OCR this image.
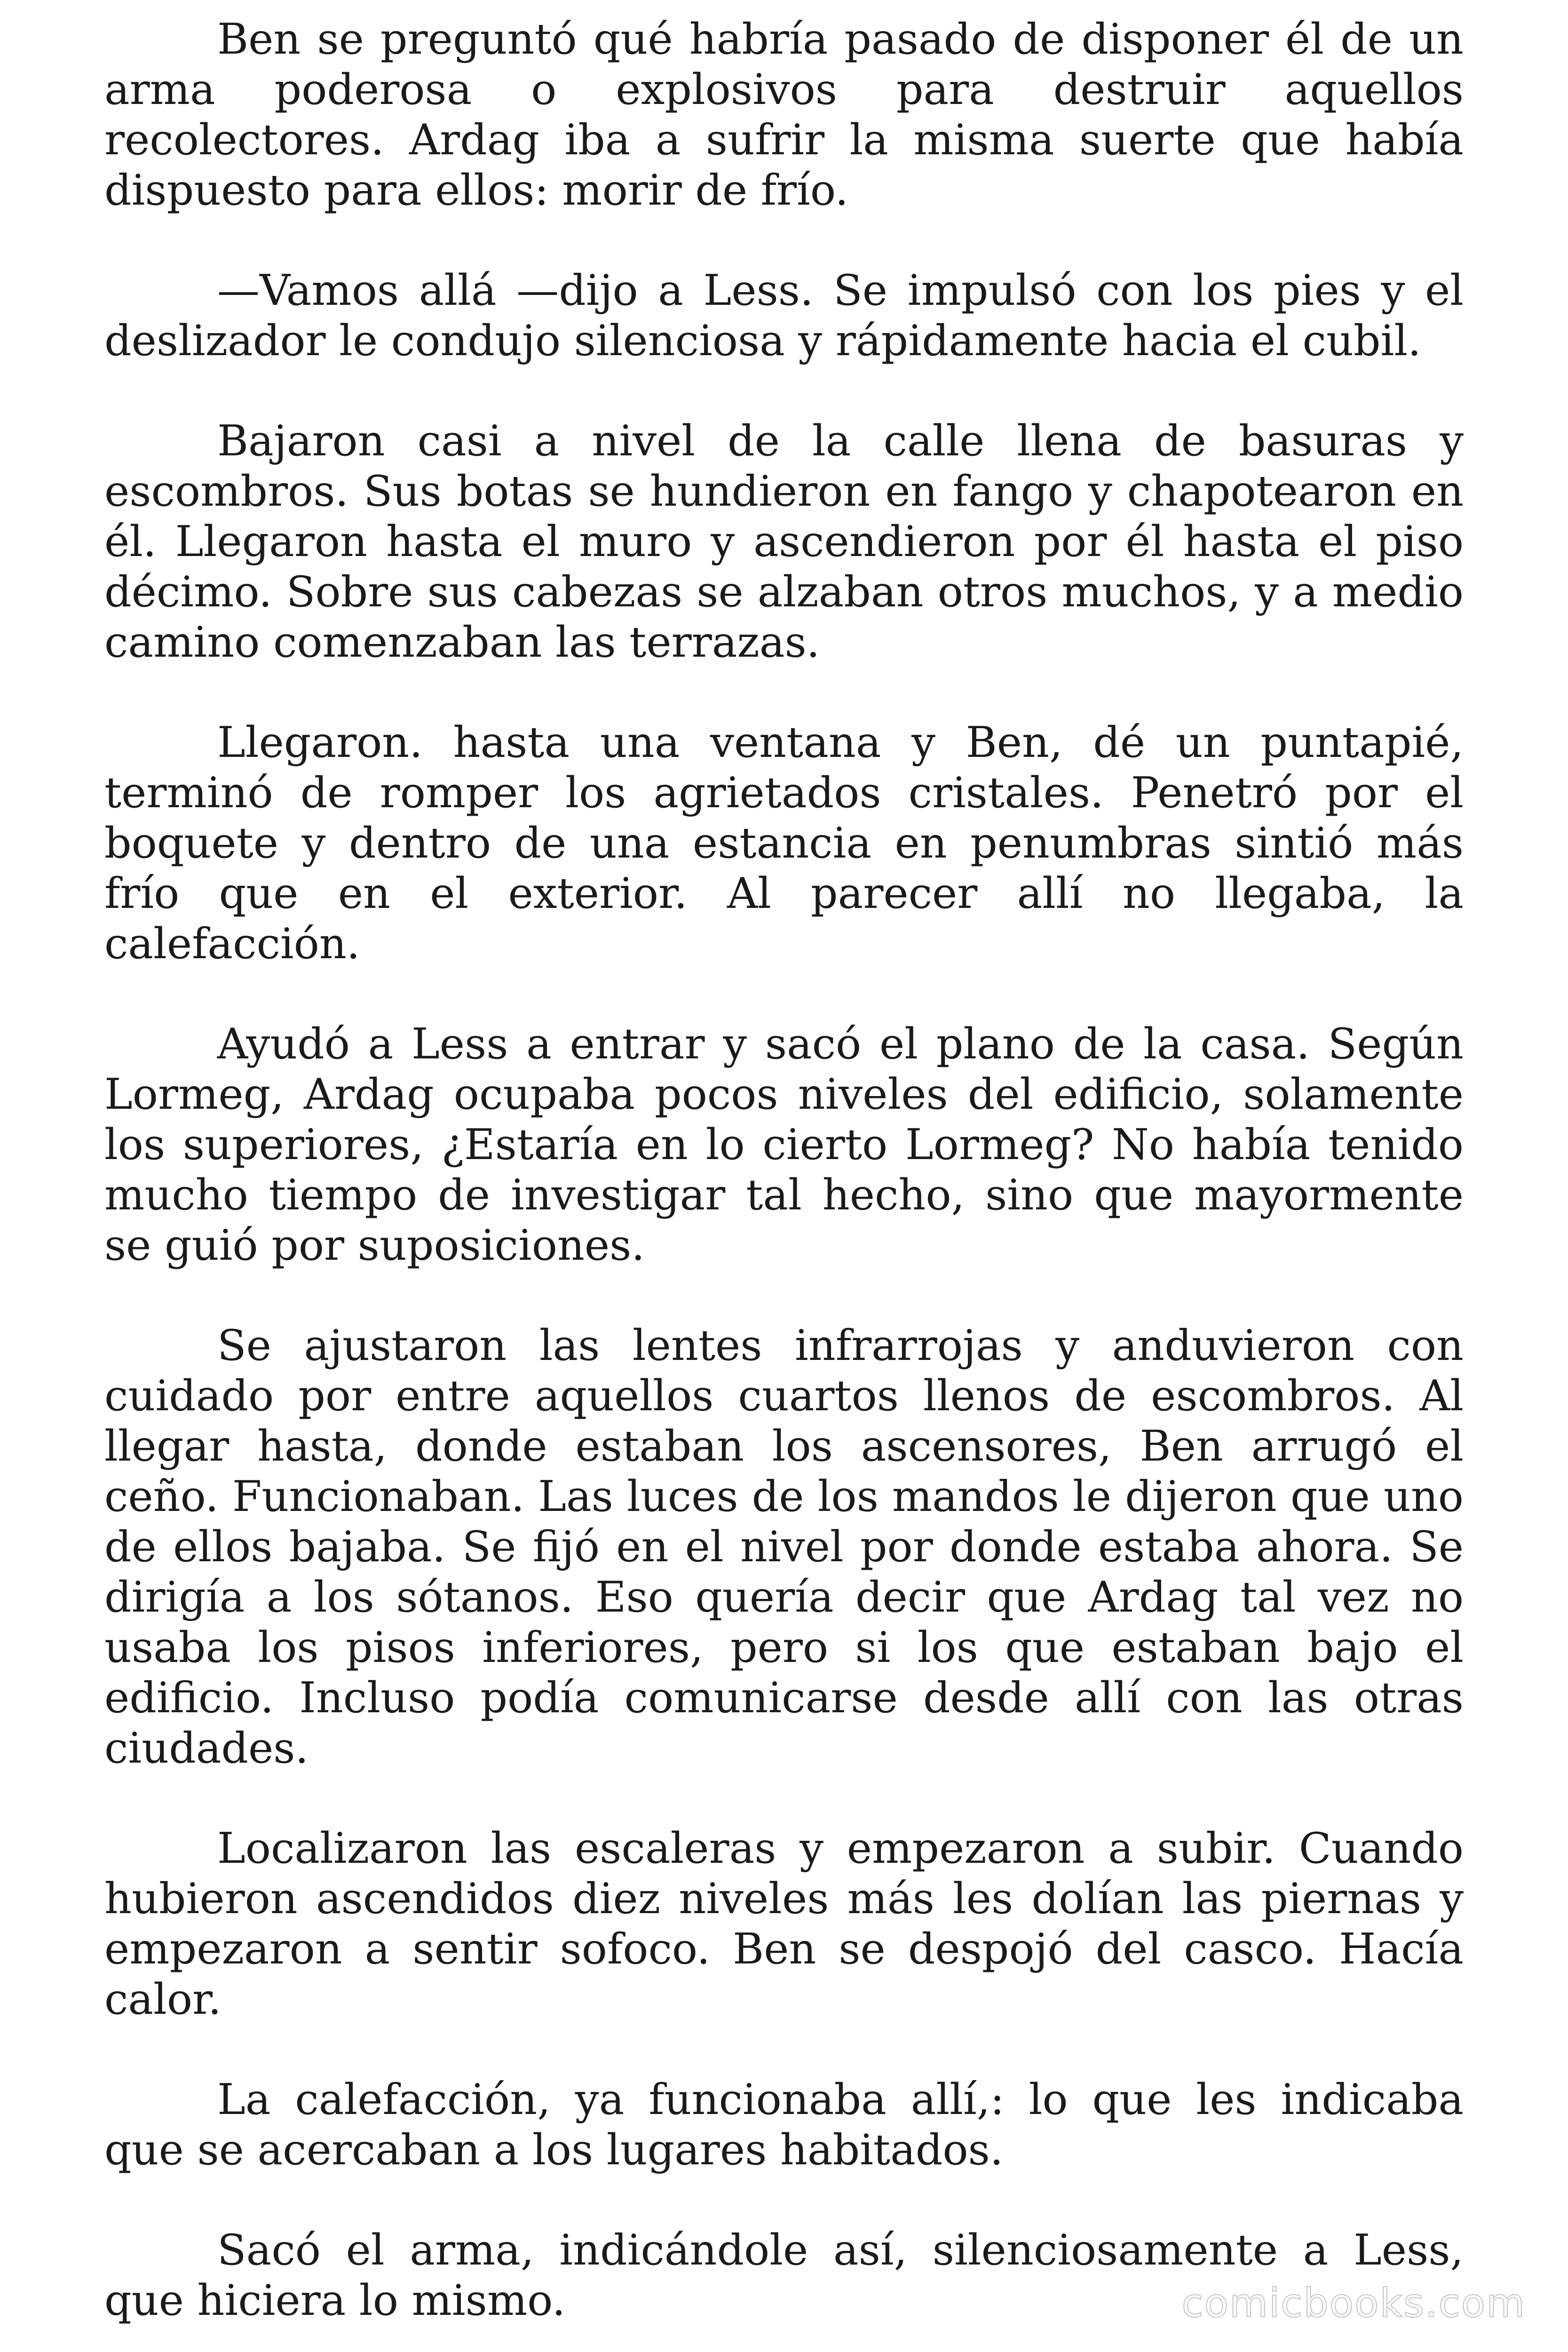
Ben se preguntó qué habría pasado de disponer él de un arma poderosa o explosivos para destruir aquellos recolectores. Ardag iba a sufrir la misma suerte que había dispuesto para ellos: morir de frío.

—Vamos allá —dijo a Less. Se impulsó con los pies y el deslizador le condujo silenciosa y rápidamente hacia el cubil.

Bajaron casi a nivel de la calle llena de basuras y escombros. Sus botas se hundieron en fango y chapotearon en él. Llegaron hasta el muro y ascendieron por él hasta el piso décimo. Sobre sus cabezas se alzaban otros muchos, y a medio camino comenzaban las terrazas.

Llegaron. hasta una ventana y Ben, dé un puntapié, terminó de romper los agrietados cristales. Penetró por el boquete y dentro de una estancia en penumbras sintió más frío que en el exterior. Al parecer allí no llegaba, la calefacción.

Ayudó a Less a entrar y sacó el plano de la casa. Según Lormeg, Ardag ocupaba pocos niveles del edificio, solamente los superiores, ¿Estaría en lo cierto Lormeg? No había tenido mucho tiempo de investigar tal hecho, sino que mayormente se guió por suposiciones.

Se ajustaron las lentes infrarrojas y anduvieron con cuidado por entre aquellos cuartos llenos de escombros. Al llegar hasta, donde estaban los ascensores, Ben arrugó el ceño. Funcionaban. Las luces de los mandos le dijeron que uno de ellos bajaba. Se fijó en el nivel por donde estaba ahora. Se dirigía a los sótanos. Eso quería decir que Ardag tal vez no usaba los pisos inferiores, pero si los que estaban bajo el edificio. Incluso podía comunicarse desde allí con las otras ciudades.

Localizaron las escaleras y empezaron a subir. Cuando hubieron ascendidos diez niveles más les dolían las piernas y empezaron a sentir sofoco. Ben se despojó del casco. Hacía calor.

La calefacción, ya funcionaba allí,: lo que les indicaba que se acercaban a los lugares habitados.

Sacó el arma, indicándole así, silenciosamente a Less, que hiciera lo mismo.	comicbooks.com
